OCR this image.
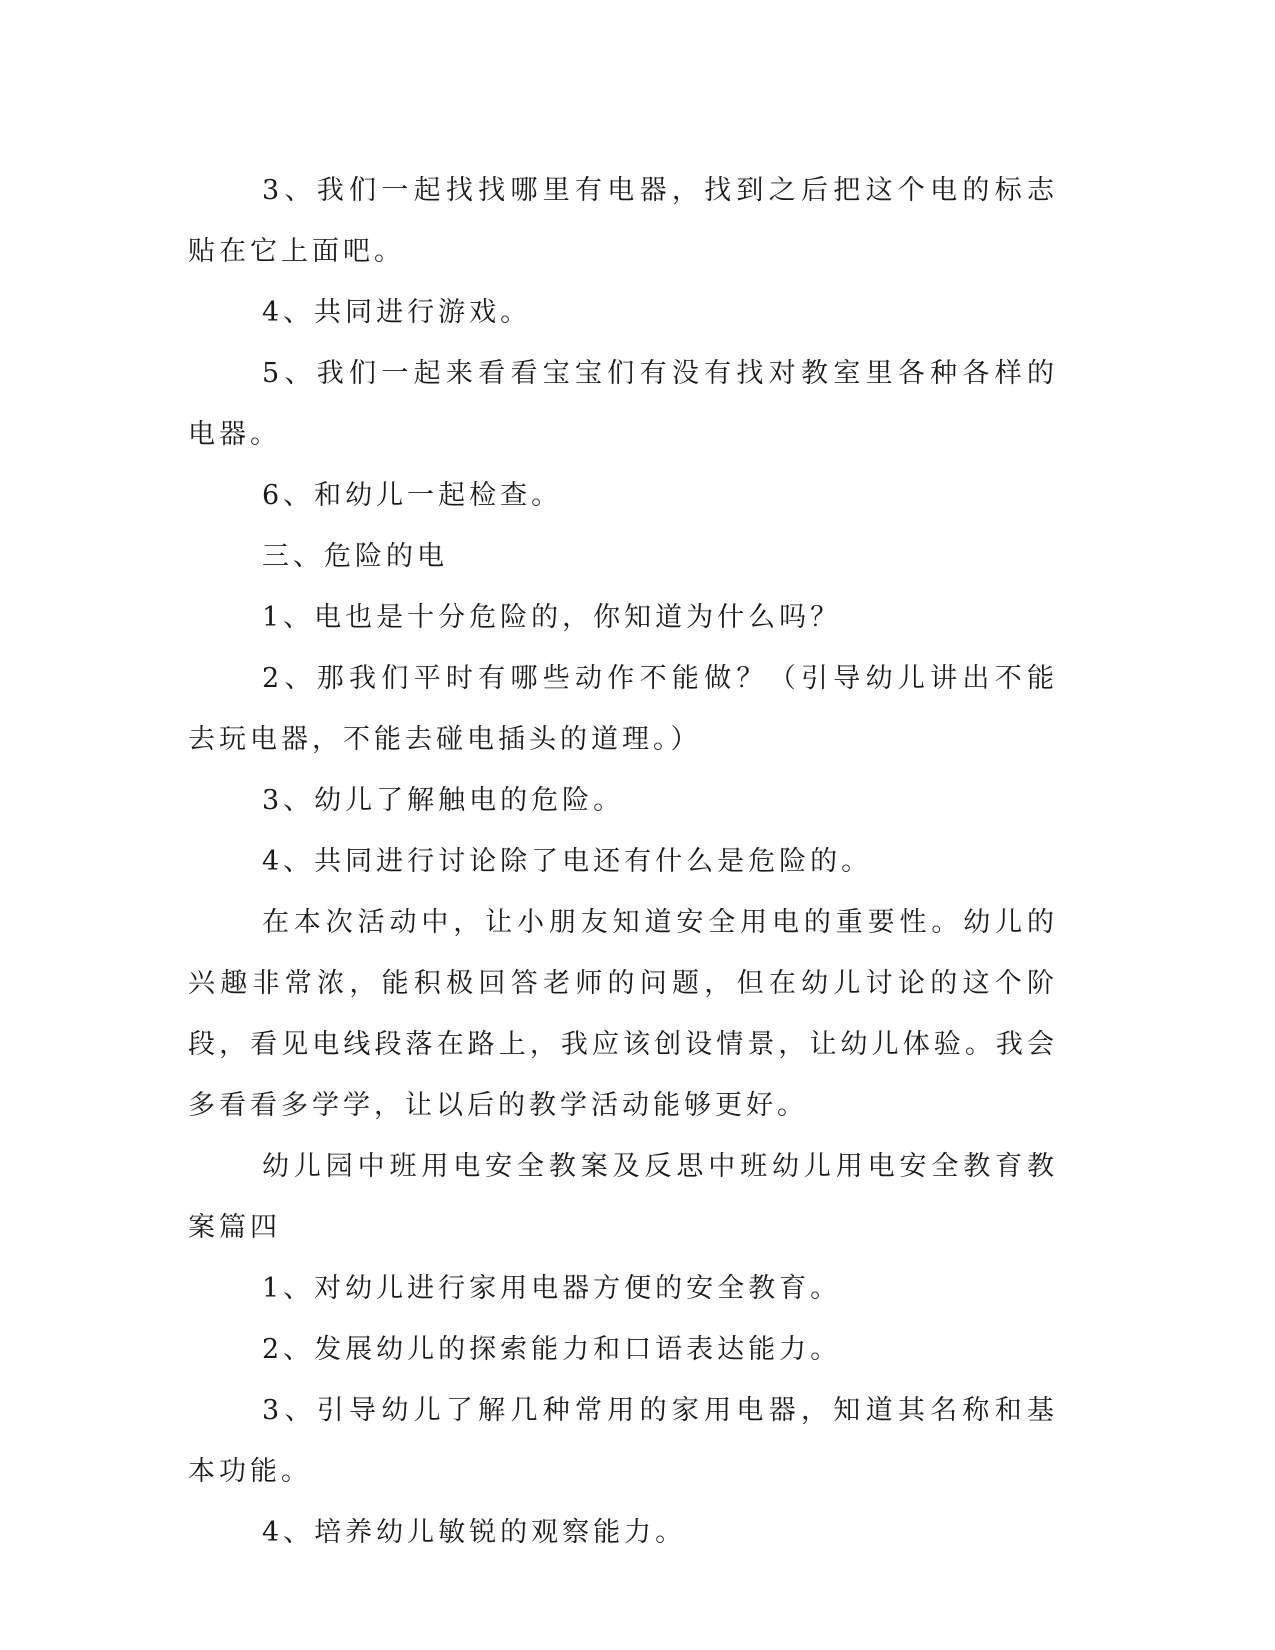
3、我们一起找找哪里有电器，找到之后把这个电的标志贴在它上面吧。

4、共同进行游戏。

5、我们一起来看看宝宝们有没有找对教室里各种各样的电器。

6、和幼儿一起检查。

三、危险的电

1、电也是十分危险的，你知道为什么吗？

2、那我们平时有哪些动作不能做？（引导幼儿讲出不能去玩电器，不能去碰电插头的道理。）

3、幼儿了解触电的危险。

4、共同进行讨论除了电还有什么是危险的。

在本次活动中，让小朋友知道安全用电的重要性。幼儿的兴趣非常浓，能积极回答老师的问题，但在幼儿讨论的这个阶段，看见电线段落在路上，我应该创设情景，让幼儿体验。我会多看看多学学，让以后的教学活动能够更好。

幼儿园中班用电安全教案及反思中班幼儿用电安全教育教案篇四

1、对幼儿进行家用电器方便的安全教育。

2、发展幼儿的探索能力和口语表达能力。

3、引导幼儿了解几种常用的家用电器，知道其名称和基本功能。

4、培养幼儿敏锐的观察能力。
